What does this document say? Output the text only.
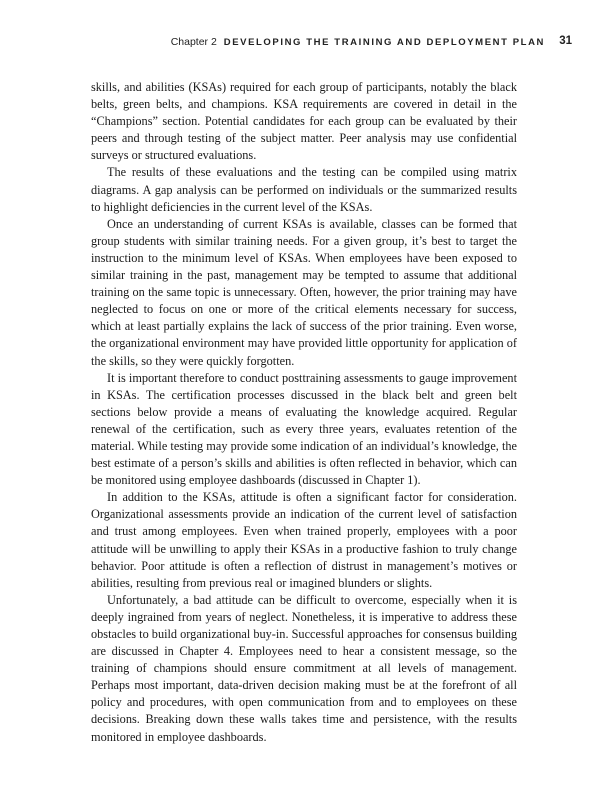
Chapter 2 DEVELOPING THE TRAINING AND DEPLOYMENT PLAN 31

skills, and abilities (KSAs) required for each group of participants, notably the black belts, green belts, and champions. KSA requirements are covered in detail in the “Champions” section. Potential candidates for each group can be evaluated by their peers and through testing of the subject matter. Peer analysis may use confidential surveys or structured evaluations.

The results of these evaluations and the testing can be compiled using matrix diagrams. A gap analysis can be performed on individuals or the summarized results to highlight deficiencies in the current level of the KSAs.

Once an understanding of current KSAs is available, classes can be formed that group students with similar training needs. For a given group, it’s best to target the instruction to the minimum level of KSAs. When employees have been exposed to similar training in the past, management may be tempted to assume that additional training on the same topic is unnecessary. Often, however, the prior training may have neglected to focus on one or more of the critical elements necessary for success, which at least partially explains the lack of success of the prior training. Even worse, the organizational environment may have provided little opportunity for application of the skills, so they were quickly forgotten.

It is important therefore to conduct posttraining assessments to gauge improvement in KSAs. The certification processes discussed in the black belt and green belt sections below provide a means of evaluating the knowledge acquired. Regular renewal of the certification, such as every three years, evaluates retention of the material. While testing may provide some indication of an individual’s knowledge, the best estimate of a person’s skills and abilities is often reflected in behavior, which can be monitored using employee dashboards (discussed in Chapter 1).

In addition to the KSAs, attitude is often a significant factor for consideration. Organizational assessments provide an indication of the current level of satisfaction and trust among employees. Even when trained properly, employees with a poor attitude will be unwilling to apply their KSAs in a productive fashion to truly change behavior. Poor attitude is often a reflection of distrust in management’s motives or abilities, resulting from previous real or imagined blunders or slights.

Unfortunately, a bad attitude can be difficult to overcome, especially when it is deeply ingrained from years of neglect. Nonetheless, it is imperative to address these obstacles to build organizational buy-in. Successful approaches for consensus building are discussed in Chapter 4. Employees need to hear a consistent message, so the training of champions should ensure commitment at all levels of management. Perhaps most important, data-driven decision making must be at the forefront of all policy and procedures, with open communication from and to employees on these decisions. Breaking down these walls takes time and persistence, with the results monitored in employee dashboards.
